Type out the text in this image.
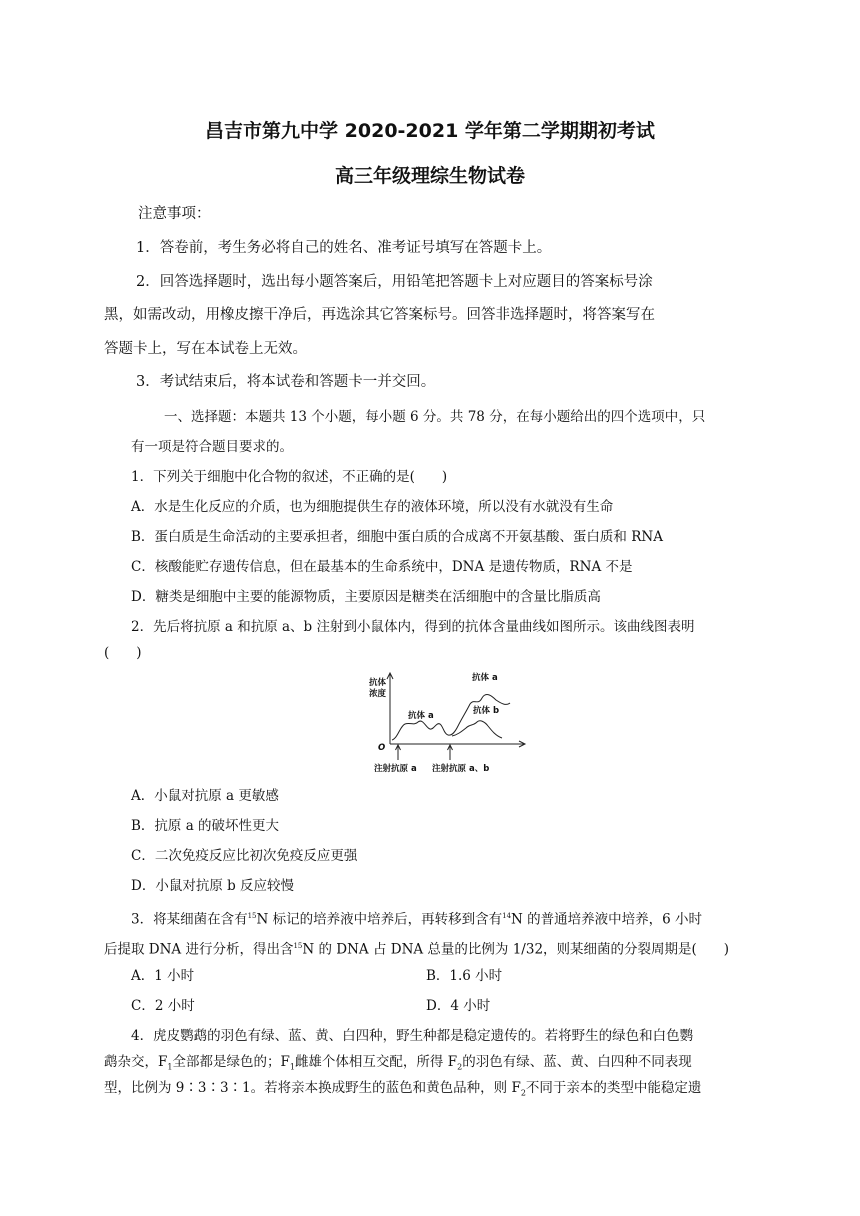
昌吉市第九中学 2020-2021 学年第二学期期初考试
高三年级理综生物试卷
注意事项：
1．答卷前，考生务必将自己的姓名、准考证号填写在答题卡上。
2．回答选择题时，选出每小题答案后，用铅笔把答题卡上对应题目的答案标号涂
黑，如需改动，用橡皮擦干净后，再选涂其它答案标号。回答非选择题时，将答案写在
答题卡上，写在本试卷上无效。
3．考试结束后，将本试卷和答题卡一并交回。
一、选择题：本题共 13 个小题，每小题 6 分。共 78 分，在每小题给出的四个选项中，只
有一项是符合题目要求的。
1．下列关于细胞中化合物的叙述，不正确的是(　　)
A．水是生化反应的介质，也为细胞提供生存的液体环境，所以没有水就没有生命
B．蛋白质是生命活动的主要承担者，细胞中蛋白质的合成离不开氨基酸、蛋白质和 RNA
C．核酸能贮存遗传信息，但在最基本的生命系统中，DNA 是遗传物质，RNA 不是
D．糖类是细胞中主要的能源物质，主要原因是糖类在活细胞中的含量比脂质高
2．先后将抗原 a 和抗原 a、b 注射到小鼠体内，得到的抗体含量曲线如图所示。该曲线图表明
(　　)
抗体
浓度
O
抗体 a
抗体 a
抗体 b
注射抗原 a 注射抗原 a、b
A．小鼠对抗原 a 更敏感
B．抗原 a 的破坏性更大
C．二次免疫反应比初次免疫反应更强
D．小鼠对抗原 b 反应较慢
3．将某细菌在含有$^{15}$N 标记的培养液中培养后，再转移到含有$^{14}$N 的普通培养液中培养，6 小时
后提取 DNA 进行分析，得出含$^{15}$N 的 DNA 占 DNA 总量的比例为 1/32，则某细菌的分裂周期是(　　)
A．1 小时	B．1.6 小时
C．2 小时	D．4 小时
4．虎皮鹦鹉的羽色有绿、蓝、黄、白四种，野生种都是稳定遗传的。若将野生的绿色和白色鹦
鹉杂交，$F_1$全部都是绿色的；$F_1$雌雄个体相互交配，所得 $F_2$的羽色有绿、蓝、黄、白四种不同表现
型，比例为 9∶3∶3∶1。若将亲本换成野生的蓝色和黄色品种，则 $F_2$不同于亲本的类型中能稳定遗
